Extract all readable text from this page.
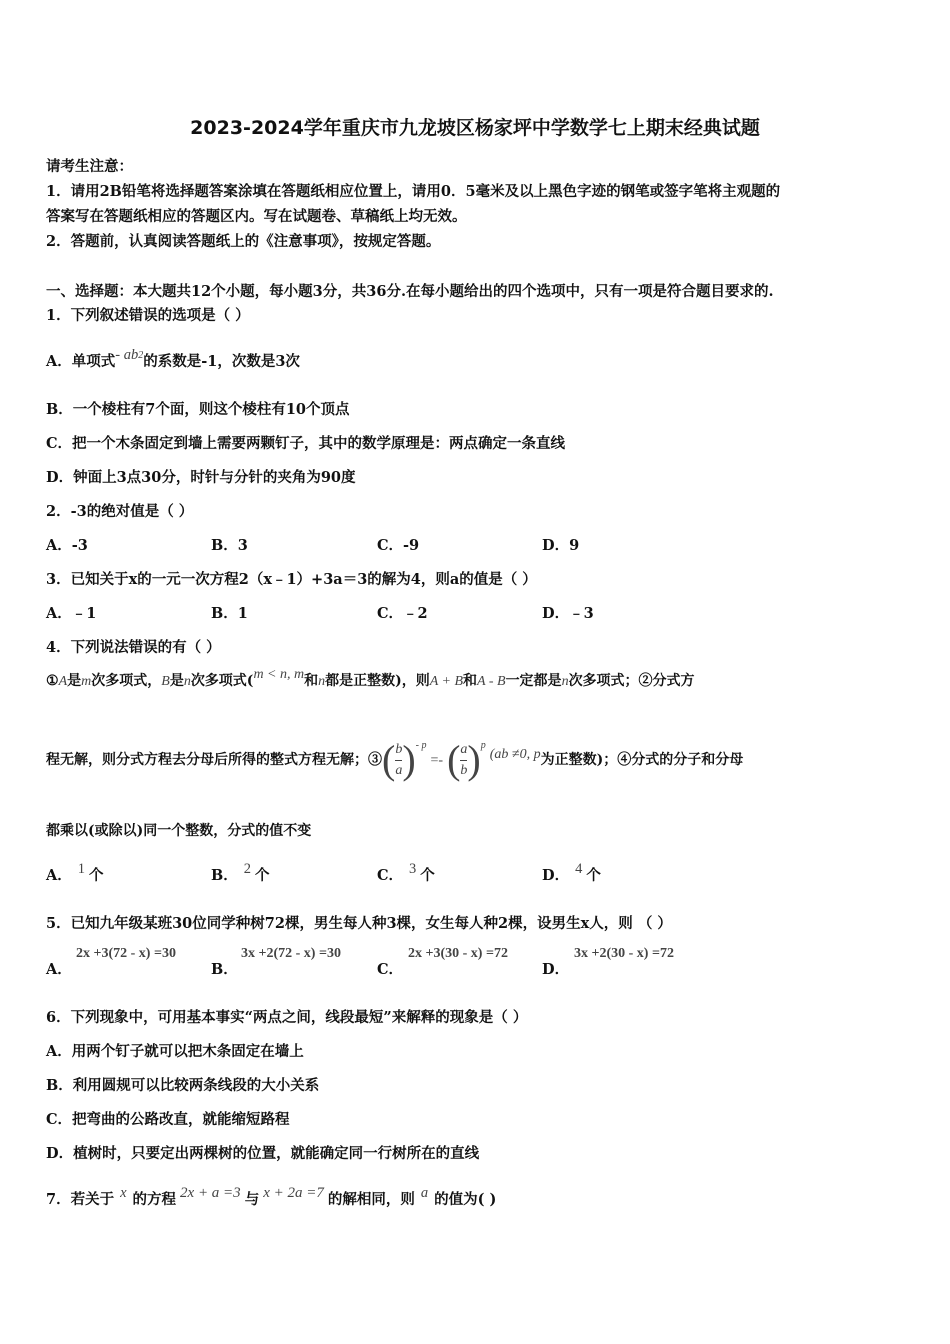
2023-2024学年重庆市九龙坡区杨家坪中学数学七上期末经典试题
请考生注意：
1．请用2B铅笔将选择题答案涂填在答题纸相应位置上，请用0．5毫米及以上黑色字迹的钢笔或签字笔将主观题的
答案写在答题纸相应的答题区内。写在试题卷、草稿纸上均无效。
2．答题前，认真阅读答题纸上的《注意事项》，按规定答题。
一、选择题：本大题共12个小题，每小题3分，共36分.在每小题给出的四个选项中，只有一项是符合题目要求的.
1．下列叙述错误的选项是（ ）
A．单项式- $ab^2$的系数是-1，次数是3次
B．一个棱柱有7个面，则这个棱柱有10个顶点
C．把一个木条固定到墙上需要两颗钉子，其中的数学原理是：两点确定一条直线
D．钟面上3点30分，时针与分针的夹角为90度
2．-3的绝对值是（ ）
A．-3	B．3	C．-9	D．9
3．已知关于x的一元一次方程2（x﹣1）+3a＝3的解为4，则a的值是（ ）
A．﹣1	B．1	C．﹣2	D．﹣3
4．下列说法错误的有（ ）
①A是m次多项式，B是n次多项式(m < n, m和n都是正整数)，则A + B和A - B一定都是n次多项式；②分式方
程无解，则分式方程去分母后所得的整式方程无解；③( $\frac{b}{a} )^{- p}=-$ ( $\frac{a}{b} )^p(ab \ne 0$, p为正整数)；④分式的分子和分母
都乘以(或除以)同一个整数，分式的值不变
A． 1 个	B． 2 个	C． 3 个	D． 4 个
5．已知九年级某班30位同学种树72棵，男生每人种3棵，女生每人种2棵，设男生x人，则 （ ）
A．
2x +3(72 - x) =30
B．
3x +2(72 - x) =30
C．
2x +3(30 - x) =72
D．
3x +2(30 - x) =72
6．下列现象中，可用基本事实“两点之间，线段最短”来解释的现象是（ ）
A．用两个钉子就可以把木条固定在墙上
B．利用圆规可以比较两条线段的大小关系
C．把弯曲的公路改直，就能缩短路程
D．植树时，只要定出两棵树的位置，就能确定同一行树所在的直线
7．若关于 x 的方程 2x + a =3 与 x + 2a =7 的解相同，则 a 的值为( )
